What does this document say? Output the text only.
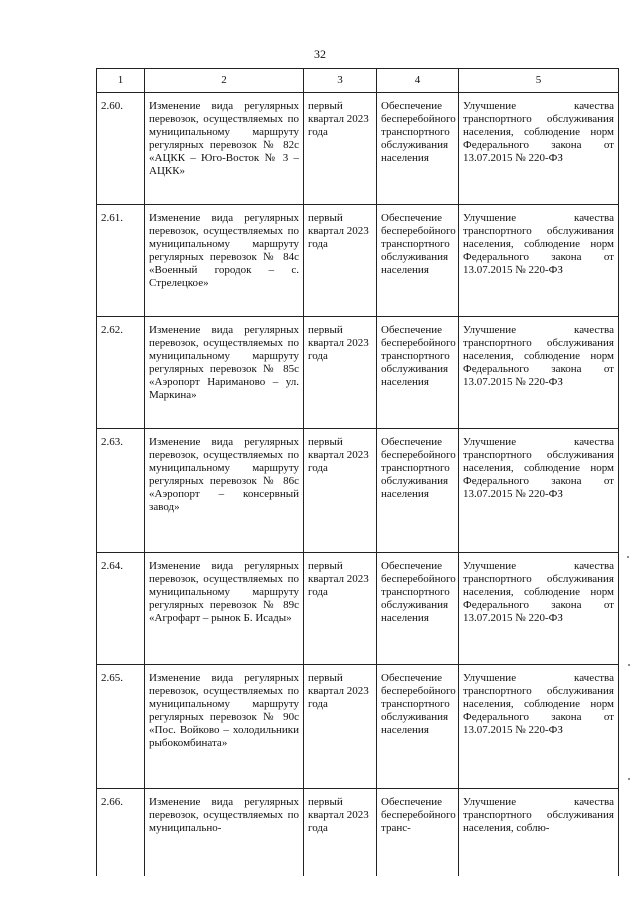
32
1	2	3	4	5
2.60.	Изменение вида регулярных перевозок, осуществляемых по муниципальному маршруту регулярных перевозок № 82с «АЦКК – Юго-Восток № 3 – АЦКК»	первый квартал 2023 года	Обеспечение бесперебойного транспортного обслуживания населения	Улучшение качества транспортного обслуживания населения, соблюдение норм Федерального закона от 13.07.2015 № 220-ФЗ
2.61.	Изменение вида регулярных перевозок, осуществляемых по муниципальному маршруту регулярных перевозок № 84с «Военный городок – с. Стрелецкое»	первый квартал 2023 года	Обеспечение бесперебойного транспортного обслуживания населения	Улучшение качества транспортного обслуживания населения, соблюдение норм Федерального закона от 13.07.2015 № 220-ФЗ
2.62.	Изменение вида регулярных перевозок, осуществляемых по муниципальному маршруту регулярных перевозок № 85с «Аэропорт Нариманово – ул. Маркина»	первый квартал 2023 года	Обеспечение бесперебойного транспортного обслуживания населения	Улучшение качества транспортного обслуживания населения, соблюдение норм Федерального закона от 13.07.2015 № 220-ФЗ
2.63.	Изменение вида регулярных перевозок, осуществляемых по муниципальному маршруту регулярных перевозок № 86с «Аэропорт – консервный завод»	первый квартал 2023 года	Обеспечение бесперебойного транспортного обслуживания населения	Улучшение качества транспортного обслуживания населения, соблюдение норм Федерального закона от 13.07.2015 № 220-ФЗ
2.64.	Изменение вида регулярных перевозок, осуществляемых по муниципальному маршруту регулярных перевозок № 89с «Агрофарт – рынок Б. Исады»	первый квартал 2023 года	Обеспечение бесперебойного транспортного обслуживания населения	Улучшение качества транспортного обслуживания населения, соблюдение норм Федерального закона от 13.07.2015 № 220-ФЗ
2.65.	Изменение вида регулярных перевозок, осуществляемых по муниципальному маршруту регулярных перевозок № 90с «Пос. Войково – холодильники рыбокомбината»	первый квартал 2023 года	Обеспечение бесперебойного транспортного обслуживания населения	Улучшение качества транспортного обслуживания населения, соблюдение норм Федерального закона от 13.07.2015 № 220-ФЗ
2.66.	Изменение вида регулярных перевозок, осуществляемых по муниципально-	первый квартал 2023 года	Обеспечение бесперебойного транс-	Улучшение качества транспортного обслуживания населения, соблю-
